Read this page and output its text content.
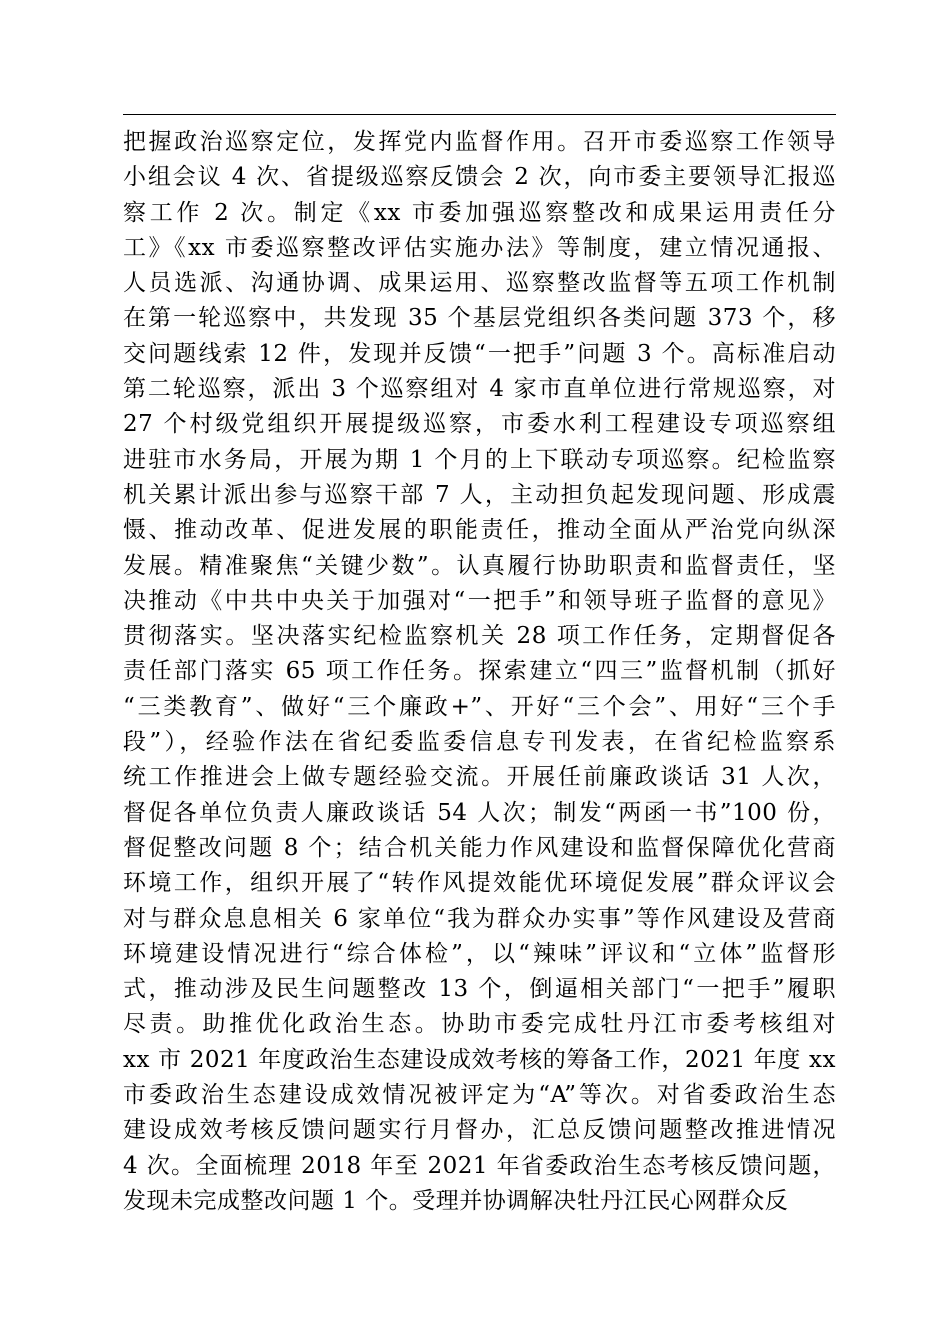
把握政治巡察定位，发挥党内监督作用。召开市委巡察工作领导
小组会议 4 次、省提级巡察反馈会 2 次，向市委主要领导汇报巡
察工作 2 次。制定《xx 市委加强巡察整改和成果运用责任分
工》《xx 市委巡察整改评估实施办法》等制度，建立情况通报、
人员选派、沟通协调、成果运用、巡察整改监督等五项工作机制
在第一轮巡察中，共发现 35 个基层党组织各类问题 373 个，移
交问题线索 12 件，发现并反馈“一把手”问题 3 个。高标准启动
第二轮巡察，派出 3 个巡察组对 4 家市直单位进行常规巡察，对
27 个村级党组织开展提级巡察，市委水利工程建设专项巡察组
进驻市水务局，开展为期 1 个月的上下联动专项巡察。纪检监察
机关累计派出参与巡察干部 7 人，主动担负起发现问题、形成震
慑、推动改革、促进发展的职能责任，推动全面从严治党向纵深
发展。精准聚焦“关键少数”。认真履行协助职责和监督责任，坚
决推动《中共中央关于加强对“一把手”和领导班子监督的意见》
贯彻落实。坚决落实纪检监察机关 28 项工作任务，定期督促各
责任部门落实 65 项工作任务。探索建立“四三”监督机制（抓好
“三类教育”、做好“三个廉政+”、开好“三个会”、用好“三个手
段”），经验作法在省纪委监委信息专刊发表，在省纪检监察系
统工作推进会上做专题经验交流。开展任前廉政谈话 31 人次，
督促各单位负责人廉政谈话 54 人次；制发“两函一书”100 份，
督促整改问题 8 个；结合机关能力作风建设和监督保障优化营商
环境工作，组织开展了“转作风提效能优环境促发展”群众评议会
对与群众息息相关 6 家单位“我为群众办实事”等作风建设及营商
环境建设情况进行“综合体检”，以“辣味”评议和“立体”监督形
式，推动涉及民生问题整改 13 个，倒逼相关部门“一把手”履职
尽责。助推优化政治生态。协助市委完成牡丹江市委考核组对
xx 市 2021 年度政治生态建设成效考核的筹备工作，2021 年度 xx
市委政治生态建设成效情况被评定为“A”等次。对省委政治生态
建设成效考核反馈问题实行月督办，汇总反馈问题整改推进情况
4 次。全面梳理 2018 年至 2021 年省委政治生态考核反馈问题，
发现未完成整改问题 1 个。受理并协调解决牡丹江民心网群众反
